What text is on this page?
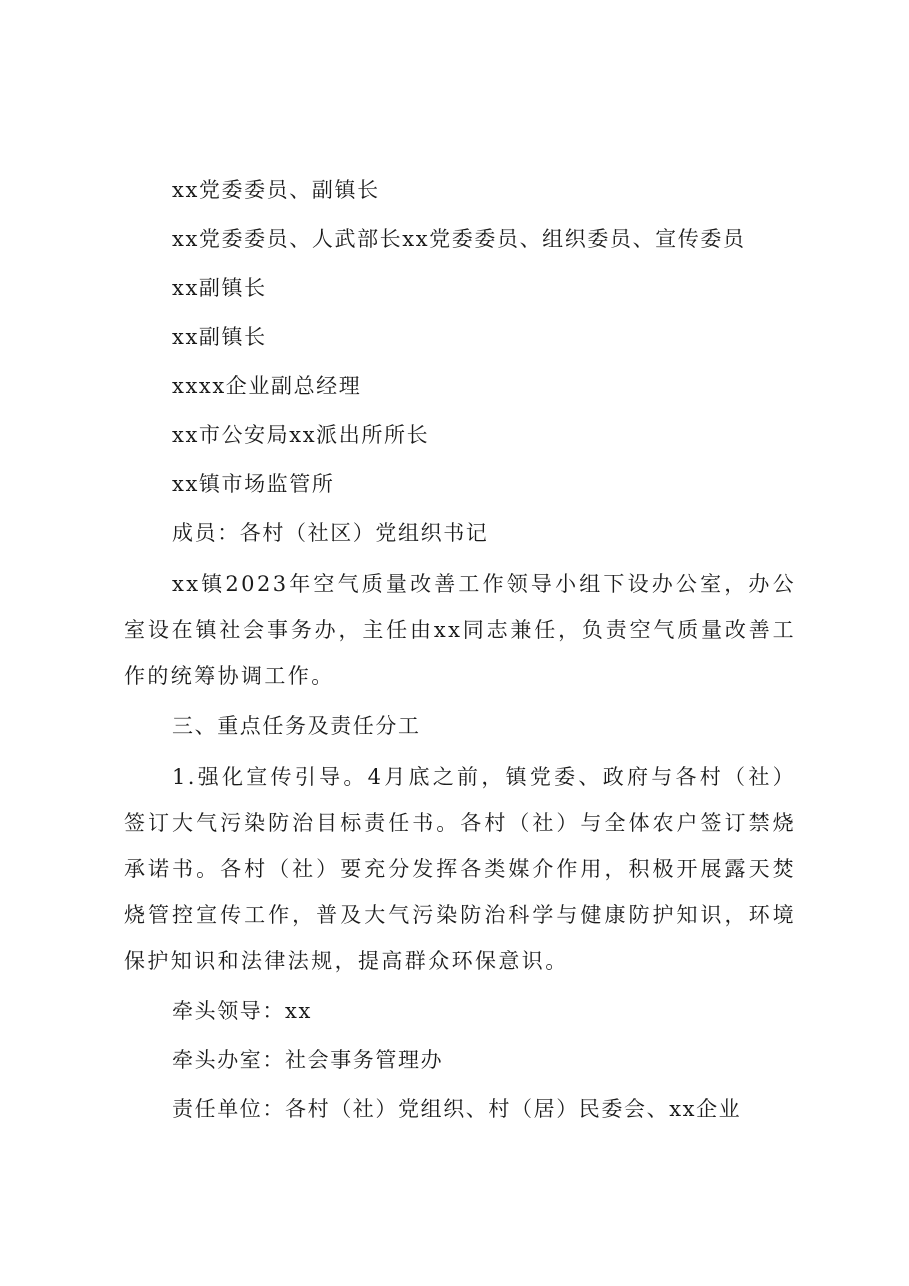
xx党委委员、副镇长
xx党委委员、人武部长xx党委委员、组织委员、宣传委员
xx副镇长
xx副镇长
xxxx企业副总经理
xx市公安局xx派出所所长
xx镇市场监管所
成员：各村（社区）党组织书记

xx镇2023年空气质量改善工作领导小组下设办公室，办公室设在镇社会事务办，主任由xx同志兼任，负责空气质量改善工作的统筹协调工作。

三、重点任务及责任分工

1.强化宣传引导。4月底之前，镇党委、政府与各村（社）签订大气污染防治目标责任书。各村（社）与全体农户签订禁烧承诺书。各村（社）要充分发挥各类媒介作用，积极开展露天焚烧管控宣传工作，普及大气污染防治科学与健康防护知识，环境保护知识和法律法规，提高群众环保意识。

牵头领导：xx
牵头办室：社会事务管理办
责任单位：各村（社）党组织、村（居）民委会、xx企业
